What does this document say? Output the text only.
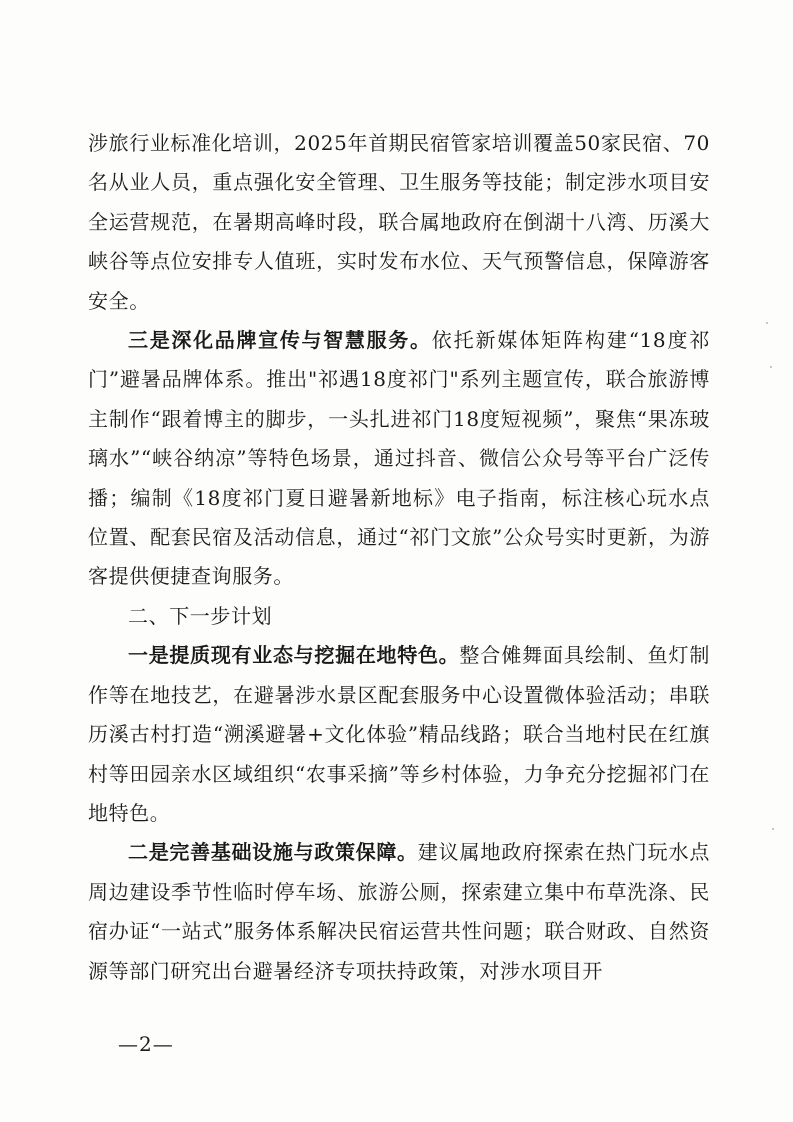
涉旅行业标准化培训，2025年首期民宿管家培训覆盖50家民宿、70名从业人员，重点强化安全管理、卫生服务等技能；制定涉水项目安全运营规范，在暑期高峰时段，联合属地政府在倒湖十八湾、历溪大峡谷等点位安排专人值班，实时发布水位、天气预警信息，保障游客安全。

三是深化品牌宣传与智慧服务。依托新媒体矩阵构建“18度祁门”避暑品牌体系。推出"祁遇18度祁门"系列主题宣传，联合旅游博主制作“跟着博主的脚步，一头扎进祁门18度短视频”，聚焦“果冻玻璃水”“峡谷纳凉”等特色场景，通过抖音、微信公众号等平台广泛传播；编制《18度祁门夏日避暑新地标》电子指南，标注核心玩水点位置、配套民宿及活动信息，通过“祁门文旅”公众号实时更新，为游客提供便捷查询服务。

二、下一步计划

一是提质现有业态与挖掘在地特色。整合傩舞面具绘制、鱼灯制作等在地技艺，在避暑涉水景区配套服务中心设置微体验活动；串联历溪古村打造“溯溪避暑+文化体验”精品线路；联合当地村民在红旗村等田园亲水区域组织“农事采摘”等乡村体验，力争充分挖掘祁门在地特色。

二是完善基础设施与政策保障。建议属地政府探索在热门玩水点周边建设季节性临时停车场、旅游公厕，探索建立集中布草洗涤、民宿办证“一站式”服务体系解决民宿运营共性问题；联合财政、自然资源等部门研究出台避暑经济专项扶持政策，对涉水项目开

—2—
